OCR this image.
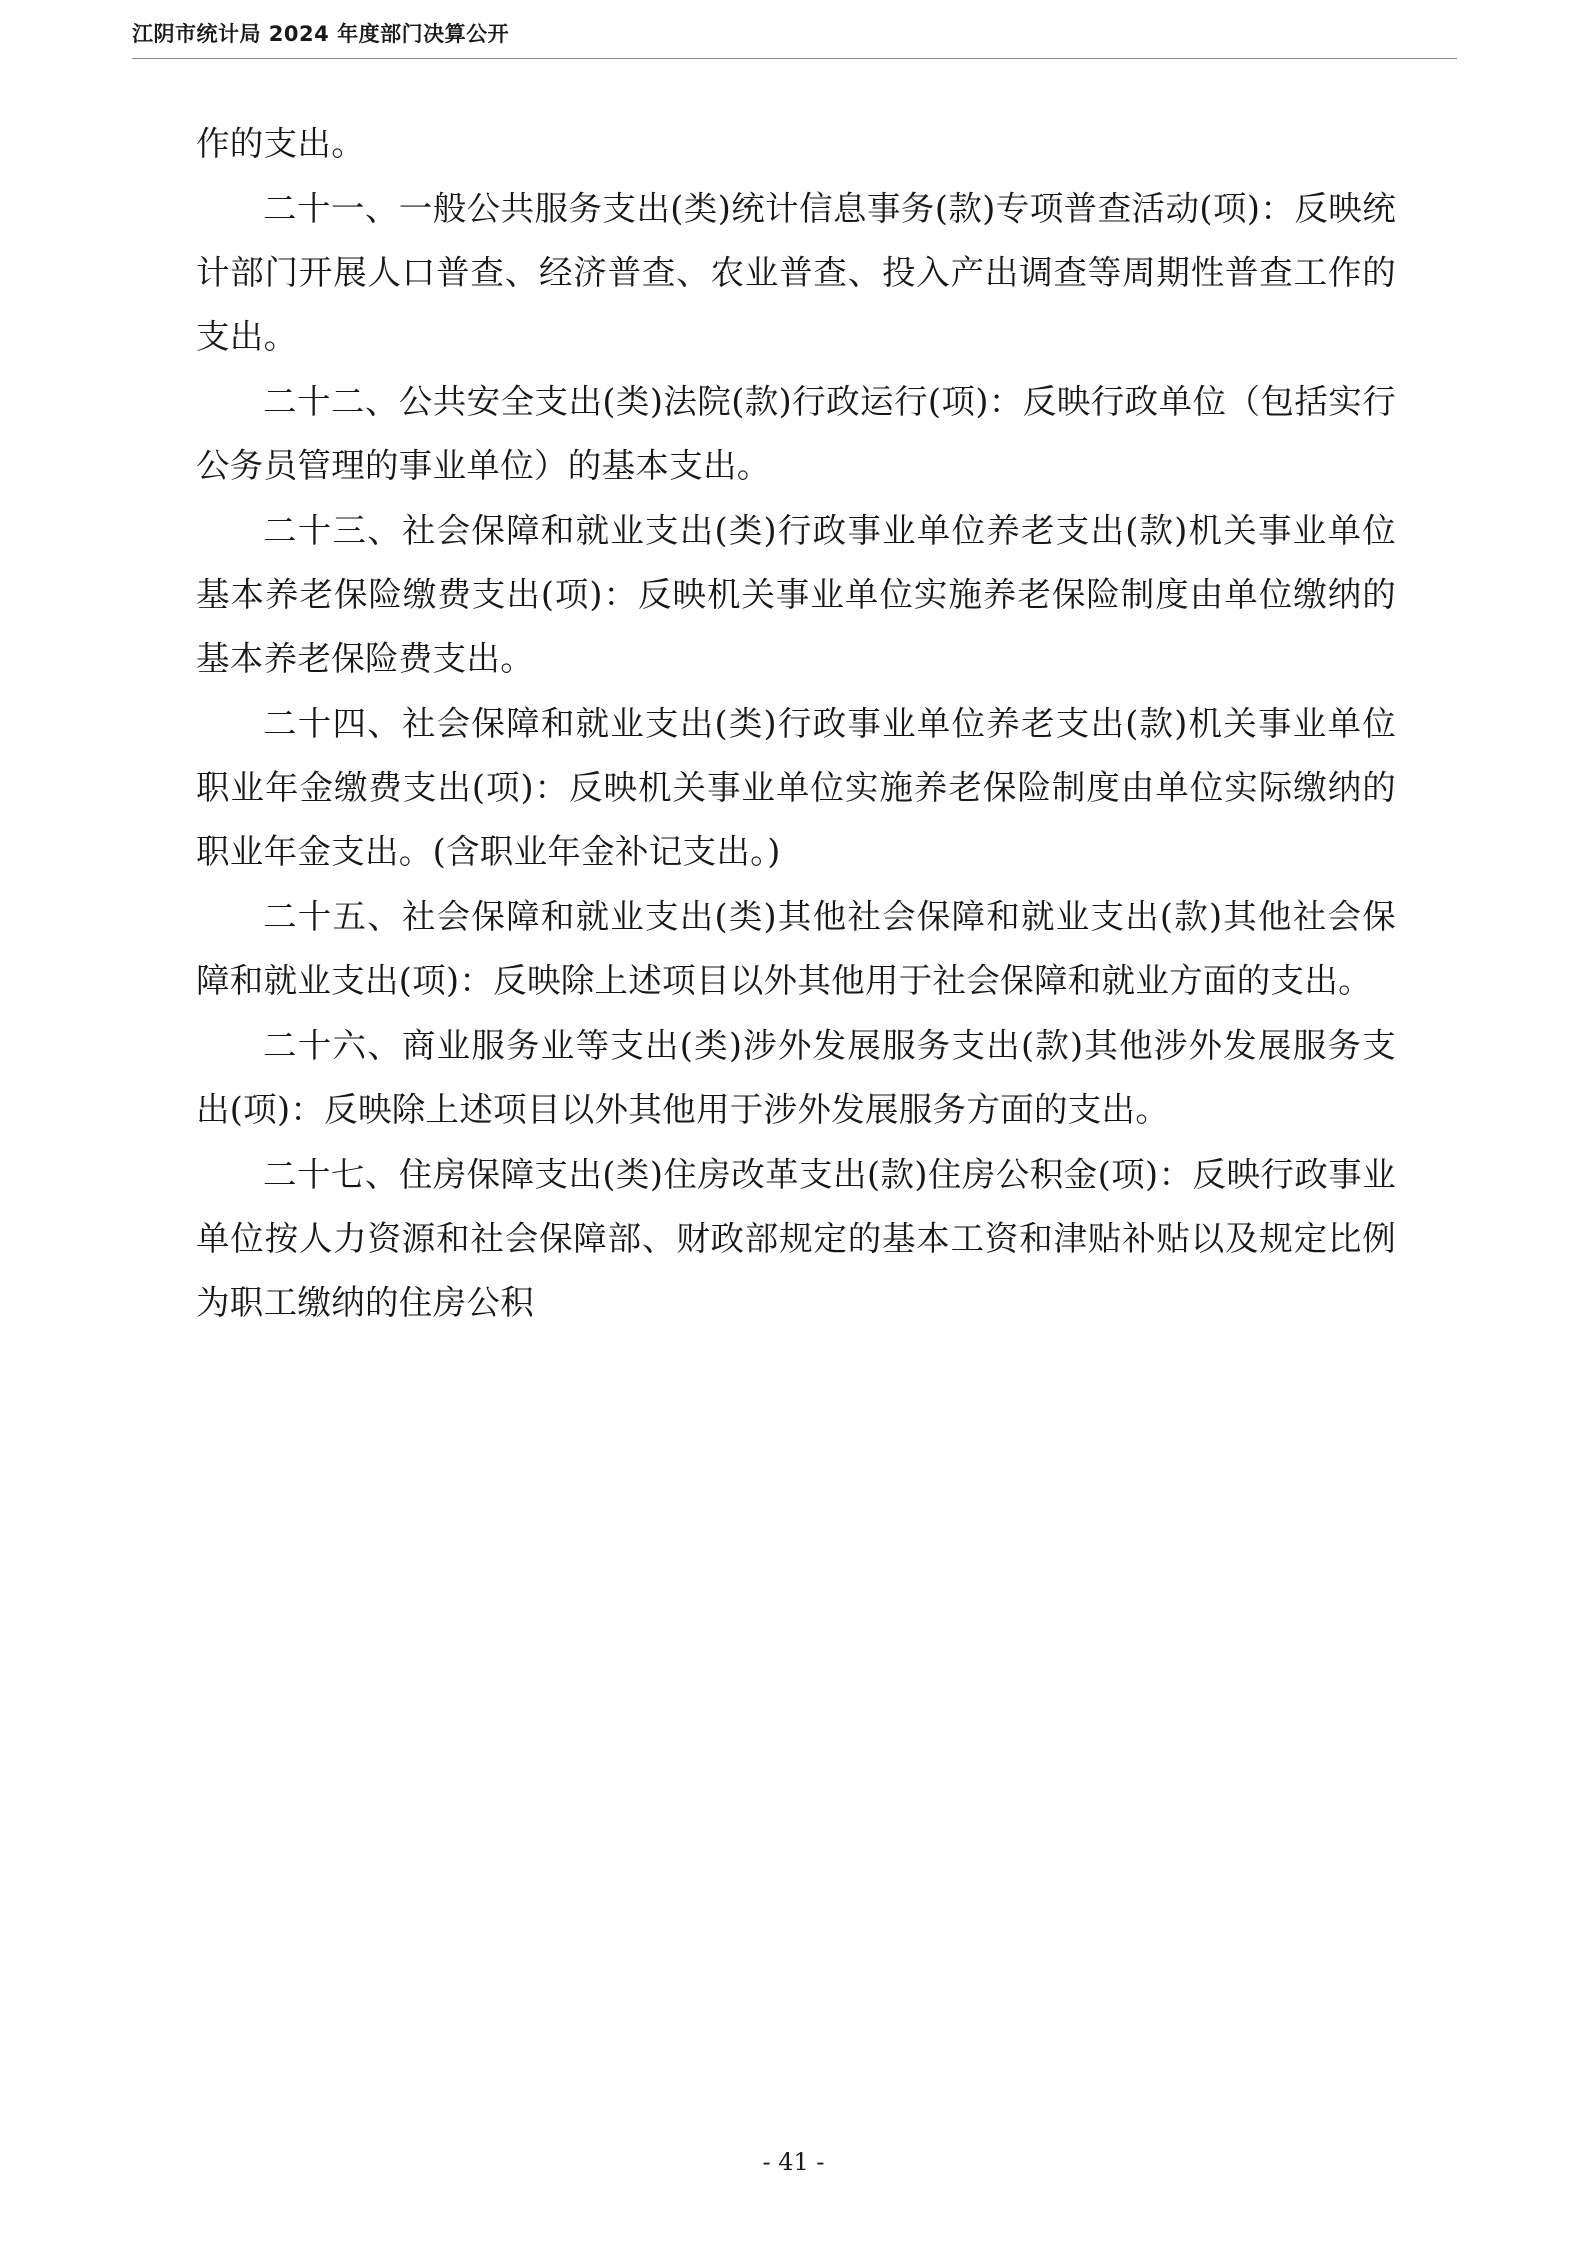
江阴市统计局 2024 年度部门决算公开

作的支出。

二十一、一般公共服务支出(类)统计信息事务(款)专项普查活动(项)：反映统计部门开展人口普查、经济普查、农业普查、投入产出调查等周期性普查工作的支出。

二十二、公共安全支出(类)法院(款)行政运行(项)：反映行政单位（包括实行公务员管理的事业单位）的基本支出。

二十三、社会保障和就业支出(类)行政事业单位养老支出(款)机关事业单位基本养老保险缴费支出(项)：反映机关事业单位实施养老保险制度由单位缴纳的基本养老保险费支出。

二十四、社会保障和就业支出(类)行政事业单位养老支出(款)机关事业单位职业年金缴费支出(项)：反映机关事业单位实施养老保险制度由单位实际缴纳的职业年金支出。(含职业年金补记支出。)

二十五、社会保障和就业支出(类)其他社会保障和就业支出(款)其他社会保障和就业支出(项)：反映除上述项目以外其他用于社会保障和就业方面的支出。

二十六、商业服务业等支出(类)涉外发展服务支出(款)其他涉外发展服务支出(项)：反映除上述项目以外其他用于涉外发展服务方面的支出。

二十七、住房保障支出(类)住房改革支出(款)住房公积金(项)：反映行政事业单位按人力资源和社会保障部、财政部规定的基本工资和津贴补贴以及规定比例为职工缴纳的住房公积

- 41 -
